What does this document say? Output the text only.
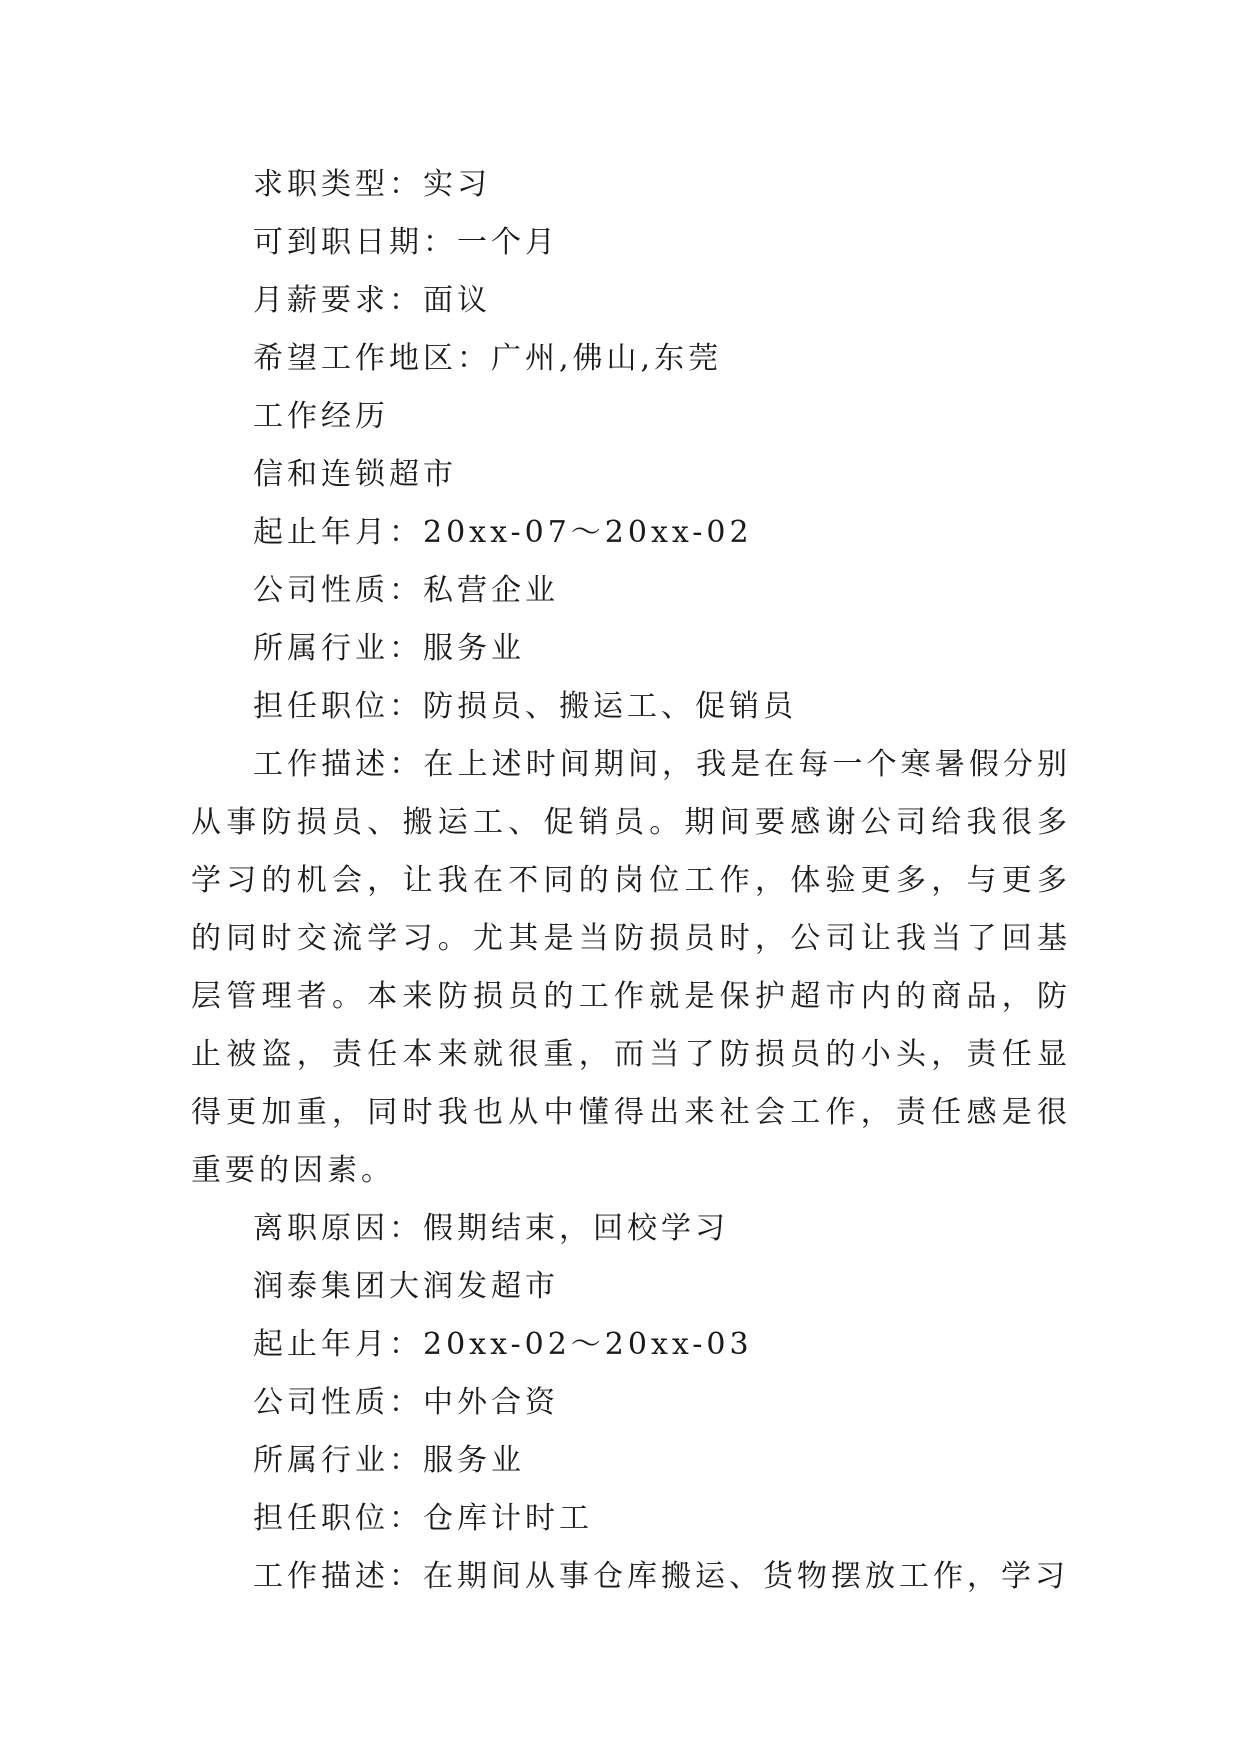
求职类型：实习
可到职日期：一个月
月薪要求：面议
希望工作地区：广州,佛山,东莞
工作经历
信和连锁超市
起止年月：20xx-07～20xx-02
公司性质：私营企业
所属行业：服务业
担任职位：防损员、搬运工、促销员

工作描述：在上述时间期间，我是在每一个寒暑假分别从事防损员、搬运工、促销员。期间要感谢公司给我很多学习的机会，让我在不同的岗位工作，体验更多，与更多的同时交流学习。尤其是当防损员时，公司让我当了回基层管理者。本来防损员的工作就是保护超市内的商品，防止被盗，责任本来就很重，而当了防损员的小头，责任显得更加重，同时我也从中懂得出来社会工作，责任感是很重要的因素。

离职原因：假期结束，回校学习
润泰集团大润发超市
起止年月：20xx-02～20xx-03
公司性质：中外合资
所属行业：服务业
担任职位：仓库计时工
工作描述：在期间从事仓库搬运、货物摆放工作，学习
